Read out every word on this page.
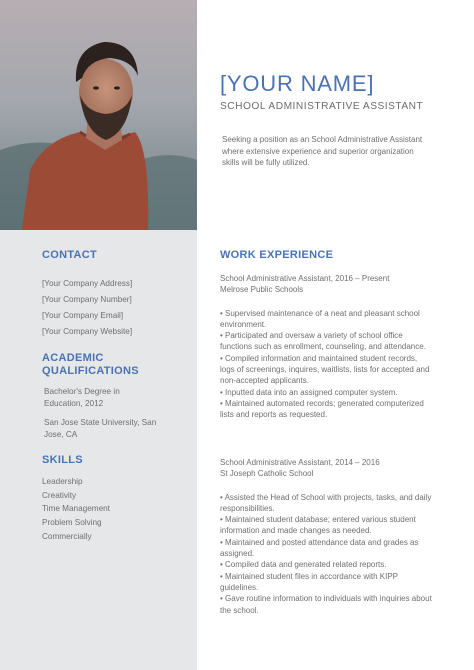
CONTACT
[Your Company Address]
[Your Company Number]
[Your Company Email]
[Your Company Website]
ACADEMIC
QUALIFICATIONS
Bachelor's Degree in
Education, 2012
San Jose State University, San
Jose, CA
SKILLS
Leadership
Creativity
Time Management
Problem Solving
Commercially
[YOUR NAME]
SCHOOL ADMINISTRATIVE ASSISTANT
Seeking a position as an School Administrative Assistant where extensive experience and superior organization skills will be fully utilized.
WORK EXPERIENCE
School Administrative Assistant, 2016 – Present
Melrose Public Schools
• Supervised maintenance of a neat and pleasant school environment.
• Participated and oversaw a variety of school office functions such as enrollment, counseling, and attendance.
• Compiled information and maintained student records, logs of screenings, inquires, waitlists, lists for accepted and non-accepted applicants.
• Inputted data into an assigned computer system.
• Maintained automated records; generated computerized lists and reports as requested.
School Administrative Assistant, 2014 – 2016
St Joseph Catholic School
• Assisted the Head of School with projects, tasks, and daily responsibilities.
• Maintained student database; entered various student information and made changes as needed.
• Maintained and posted attendance data and grades as assigned.
• Compiled data and generated related reports.
• Maintained student files in accordance with KIPP guidelines.
• Gave routine information to individuals with inquiries about the school.
